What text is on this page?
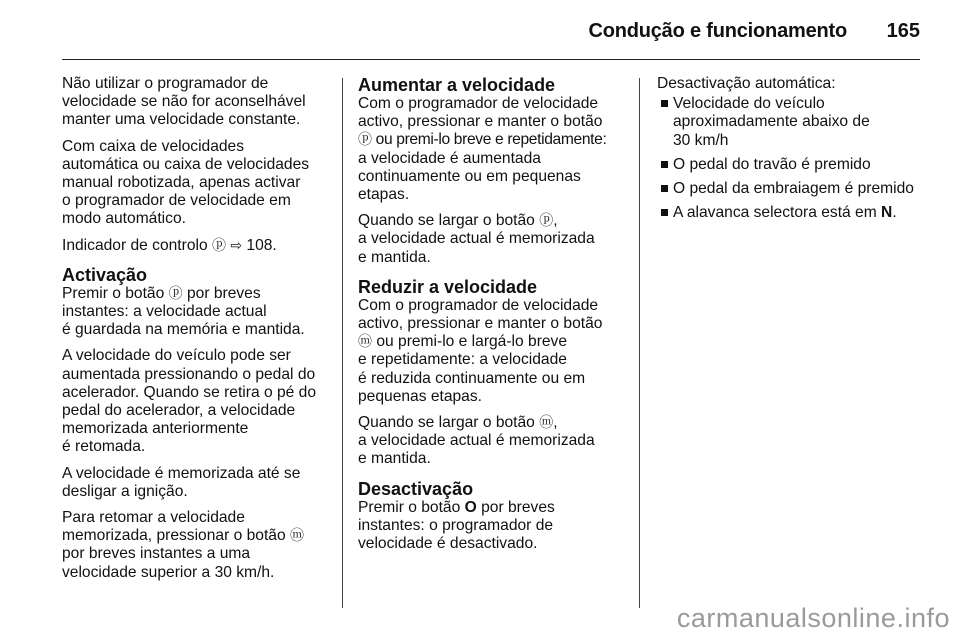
Condução e funcionamento 165

Não utilizar o programador de
velocidade se não for aconselhável
manter uma velocidade constante.

Com caixa de velocidades
automática ou caixa de velocidades
manual robotizada, apenas activar
o programador de velocidade em
modo automático.

Indicador de controlo ⓟ ⇨ 108.

Activação

Premir o botão ⓟ por breves
instantes: a velocidade actual
é guardada na memória e mantida.

A velocidade do veículo pode ser
aumentada pressionando o pedal do
acelerador. Quando se retira o pé do
pedal do acelerador, a velocidade
memorizada anteriormente
é retomada.

A velocidade é memorizada até se
desligar a ignição.

Para retomar a velocidade
memorizada, pressionar o botão ⓜ
por breves instantes a uma
velocidade superior a 30 km/h.

Aumentar a velocidade

Com o programador de velocidade
activo, pressionar e manter o botão
ⓟ ou premi-lo breve e repetidamente:
a velocidade é aumentada
continuamente ou em pequenas
etapas.

Quando se largar o botão ⓟ,
a velocidade actual é memorizada
e mantida.

Reduzir a velocidade

Com o programador de velocidade
activo, pressionar e manter o botão
ⓜ ou premi-lo e largá-lo breve
e repetidamente: a velocidade
é reduzida continuamente ou em
pequenas etapas.

Quando se largar o botão ⓜ,
a velocidade actual é memorizada
e mantida.

Desactivação

Premir o botão O por breves
instantes: o programador de
velocidade é desactivado.

Desactivação automática:

Velocidade do veículo
aproximadamente abaixo de
30 km/h
O pedal do travão é premido
O pedal da embraiagem é premido
A alavanca selectora está em N.
carmanualsonline.info
